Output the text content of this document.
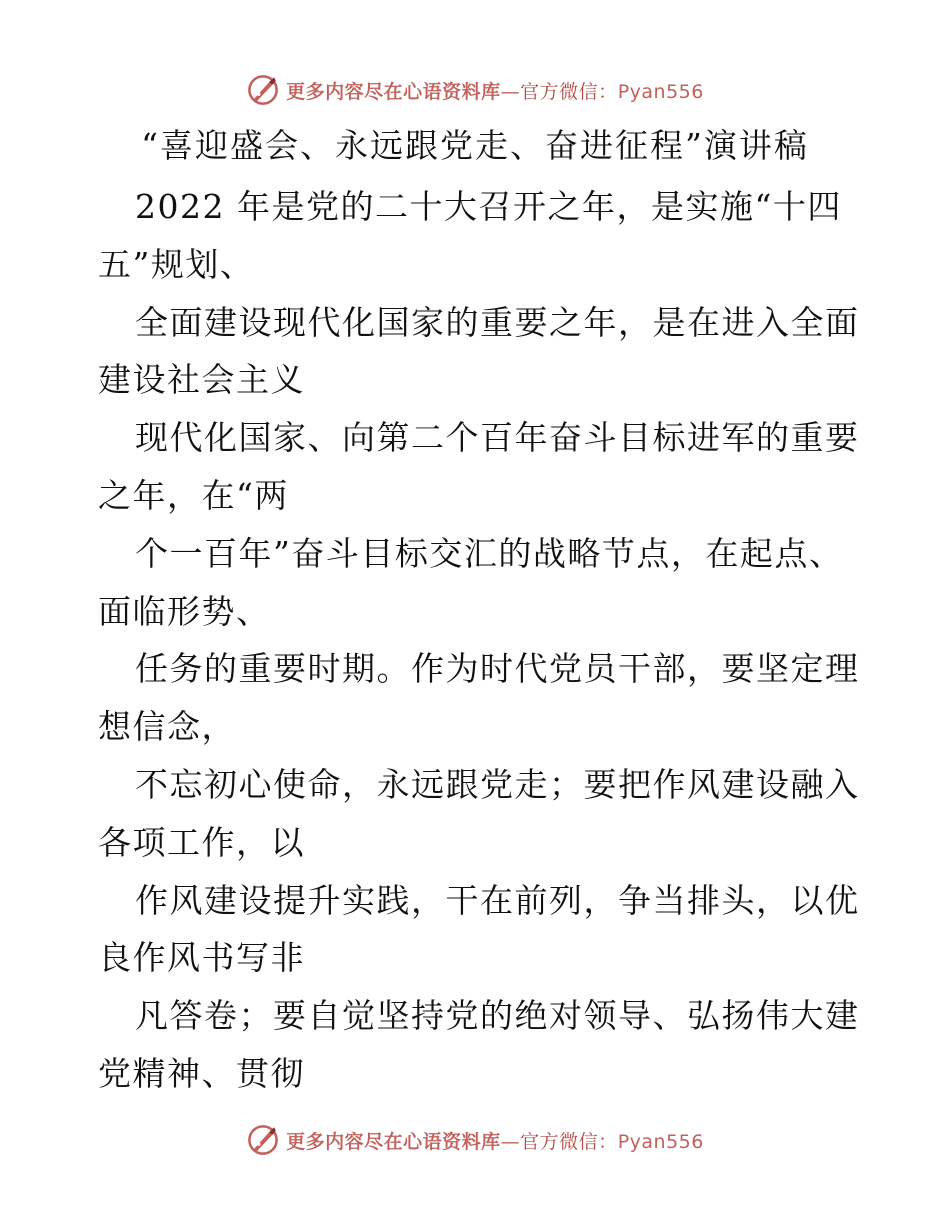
更多内容尽在心语资料库—官方微信：Pyan556
“喜迎盛会、永远跟党走、奋进征程”演讲稿
2022 年是党的二十大召开之年，是实施“十四
五”规划、
全面建设现代化国家的重要之年，是在进入全面
建设社会主义
现代化国家、向第二个百年奋斗目标进军的重要
之年，在“两
个一百年”奋斗目标交汇的战略节点，在起点、
面临形势、
任务的重要时期。作为时代党员干部，要坚定理
想信念，
不忘初心使命，永远跟党走；要把作风建设融入
各项工作，以
作风建设提升实践，干在前列，争当排头，以优
良作风书写非
凡答卷；要自觉坚持党的绝对领导、弘扬伟大建
党精神、贯彻
更多内容尽在心语资料库—官方微信：Pyan556
